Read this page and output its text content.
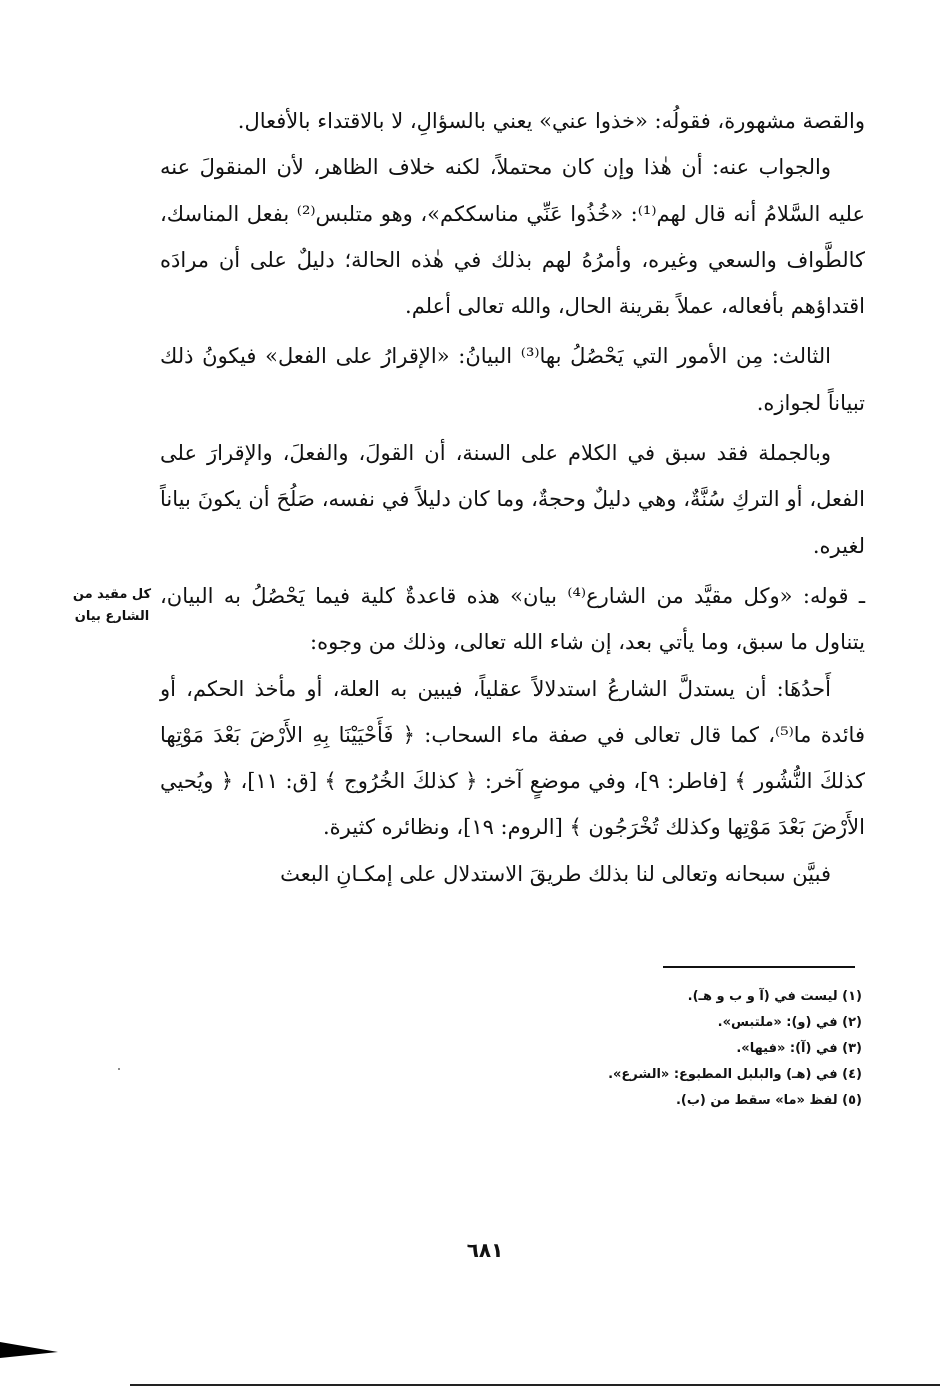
والقصة مشهورة، فقولُه: «خذوا عني» يعني بالسؤالِ، لا بالاقتداء بالأفعال.

والجواب عنه: أن هٰذا وإن كان محتملاً، لكنه خلاف الظاهر، لأن المنقولَ عنه عليه السَّلامُ أنه قال لهم⁽¹⁾: «خُذُوا عَنِّي مناسككم»، وهو متلبس⁽²⁾ بفعل المناسك، كالطَّواف والسعي وغيره، وأمرُهُ لهم بذلك في هٰذه الحالة؛ دليلٌ على أن مرادَه اقتداؤهم بأفعاله، عملاً بقرينة الحال، والله تعالى أعلم.

الثالث: مِن الأمور التي يَحْصُلُ بها⁽³⁾ البيانُ: «الإقرارُ على الفعل» فيكونُ ذلك تبياناً لجوازه.

وبالجملة فقد سبق في الكلام على السنة، أن القولَ، والفعلَ، والإقرارَ على الفعل، أو التركِ سُنَّةٌ، وهي دليلٌ وحجةٌ، وما كان دليلاً في نفسه، صَلُحَ أن يكونَ بياناً لغيره.

ـ قوله: «وكل مقيَّد من الشارع⁽⁴⁾ بيان» هذه قاعدةٌ كلية فيما يَحْصُلُ به البيان، يتناول ما سبق، وما يأتي بعد، إن شاء الله تعالى، وذلك من وجوه:

أَحدُهَا: أن يستدلَّ الشارعُ استدلالاً عقلياً، فيبين به العلة، أو مأخذ الحكم، أو فائدة ما⁽⁵⁾، كما قال تعالى في صفة ماء السحاب: ﴿ فَأَحْيَيْنَا بِهِ الأَرْضَ بَعْدَ مَوْتِها كذلكَ النُّشُور ﴾ [فاطر: ٩]، وفي موضعٍ آخر: ﴿ كذلكَ الخُرُوج ﴾ [ق: ١١]، ﴿ ويُحيي الأَرْضَ بَعْدَ مَوْتِها وكذلك تُخْرَجُون ﴾ [الروم: ١٩]، ونظائره كثيرة.

فبيَّن سبحانه وتعالى لنا بذلك طريقَ الاستدلال على إمكـانِ البعث

كل مقيد من
الشارع بيان
(١) ليست في (آ و ب و هـ).
(٢) في (و): «ملتبس».
(٣) في (آ): «فيها».
(٤) في (هـ) والبلبل المطبوع: «الشرع».
(٥) لفظ «ما» سقط من (ب).
٦٨١
